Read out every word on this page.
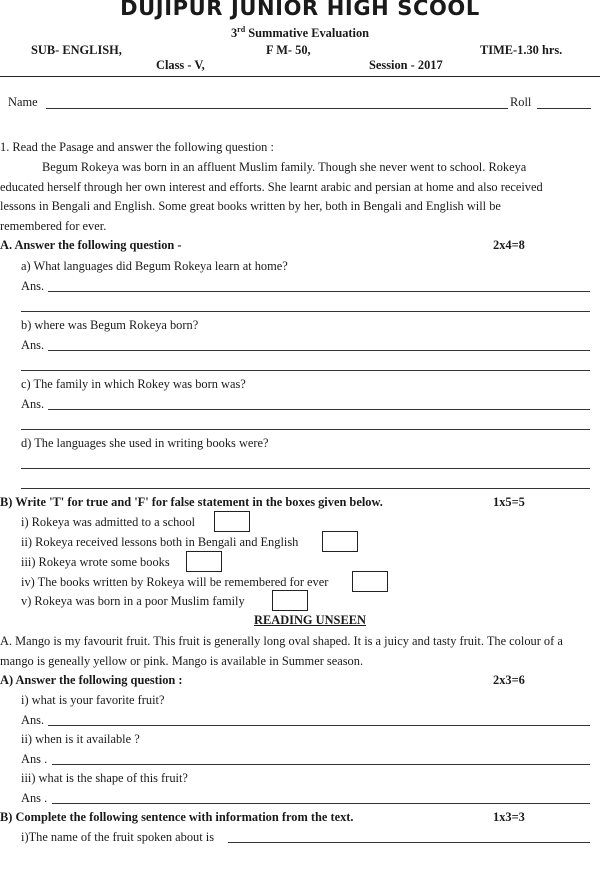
DUJIPUR JUNIOR HIGH SCOOL
3rd Summative Evaluation
SUB- ENGLISH,	F M- 50,	TIME-1.30 hrs.
Class - V,	Session - 2017
Name	Roll
1. Read the Pasage and answer the following question :
Begum Rokeya was born in an affluent Muslim family. Though she never went to school. Rokeya
educated herself through her own interest and efforts. She learnt arabic and persian at home and also received
lessons in Bengali and English. Some great books written by her, both in Bengali and English will be
remembered for ever.
A. Answer the following question -	2x4=8
a) What languages did Begum Rokeya learn at home?
Ans.
b) where was Begum Rokeya born?
Ans.
c) The family in which Rokey was born was?
Ans.
d) The languages she used in writing books were?
B) Write 'T' for true and 'F' for false statement in the boxes given below.	1x5=5
i) Rokeya was admitted to a school
ii) Rokeya received lessons both in Bengali and English
iii) Rokeya wrote some books
iv) The books written by Rokeya will be remembered for ever
v) Rokeya was born in a poor Muslim family
READING UNSEEN
A. Mango is my favourit fruit. This fruit is generally long oval shaped. It is a juicy and tasty fruit. The colour of a
mango is geneally yellow or pink. Mango is available in Summer season.
A) Answer the following question :	2x3=6
i) what is your favorite fruit?
Ans.
ii) when is it available ?
Ans .
iii) what is the shape of this fruit?
Ans .
B) Complete the following sentence with information from the text.	1x3=3
i)The name of the fruit spoken about is
